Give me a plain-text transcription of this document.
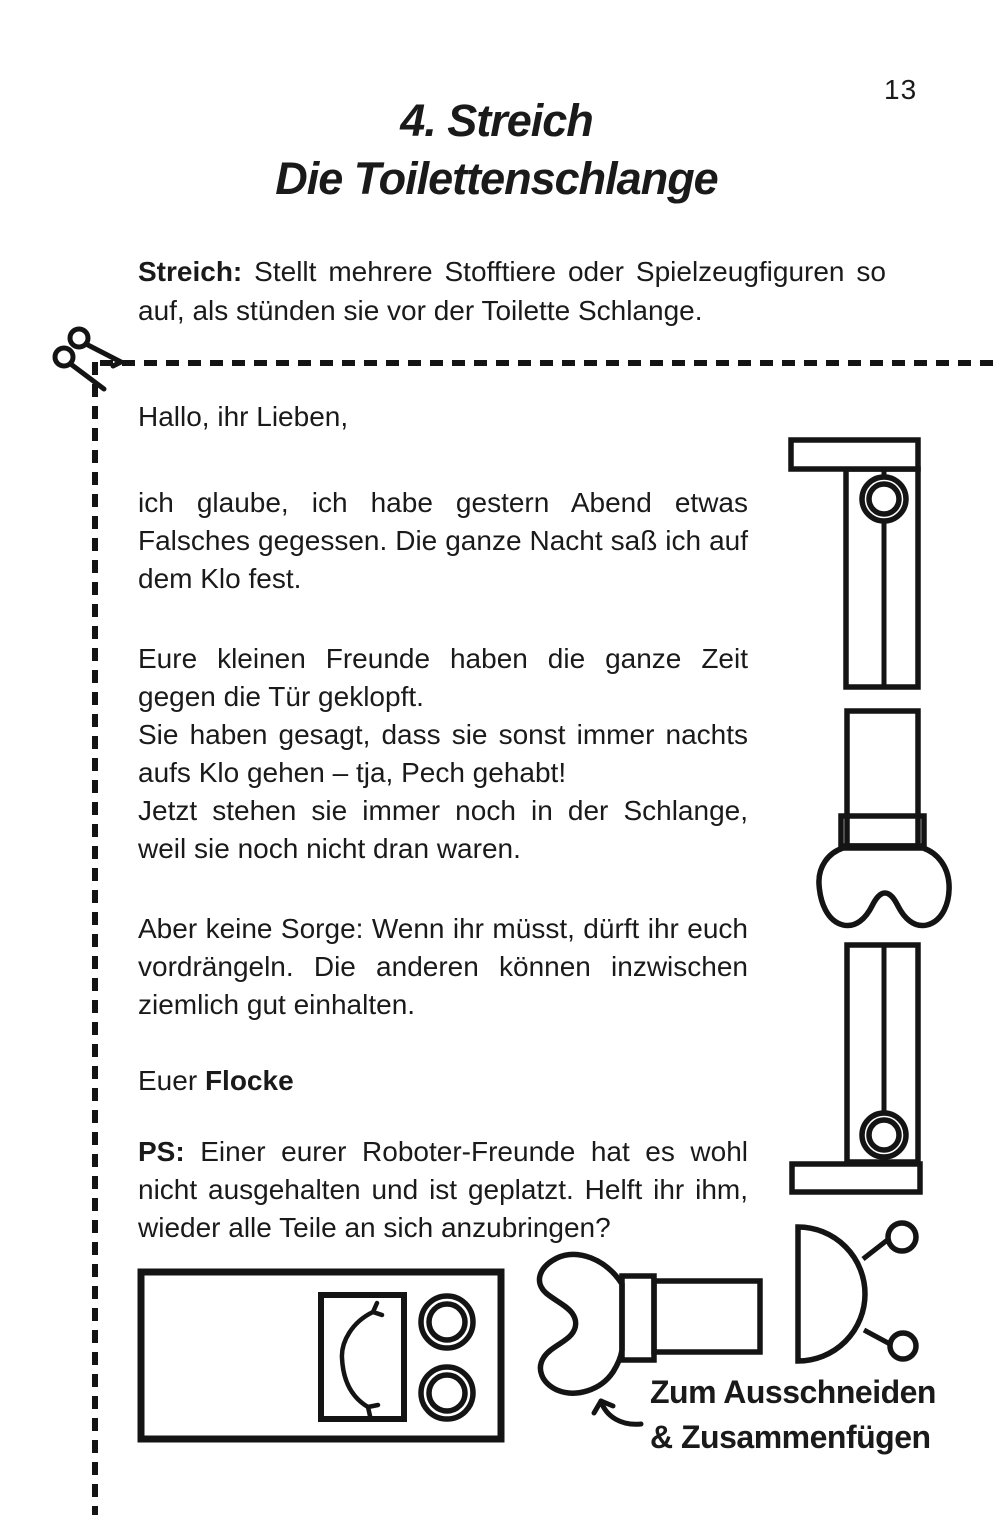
13
4. Streich
Die Toilettenschlange
Streich: Stellt mehrere Stofftiere oder Spielzeugfiguren so
auf, als stünden sie vor der Toilette Schlange.
Hallo, ihr Lieben,
ich glaube, ich habe gestern Abend etwas
Falsches gegessen. Die ganze Nacht saß ich auf
dem Klo fest.
Eure kleinen Freunde haben die ganze Zeit
gegen die Tür geklopft.
Sie haben gesagt, dass sie sonst immer nachts
aufs Klo gehen – tja, Pech gehabt!
Jetzt stehen sie immer noch in der Schlange,
weil sie noch nicht dran waren.
Aber keine Sorge: Wenn ihr müsst, dürft ihr euch
vordrängeln. Die anderen können inzwischen
ziemlich gut einhalten.
Euer Flocke
PS: Einer eurer Roboter-Freunde hat es wohl
nicht ausgehalten und ist geplatzt. Helft ihr ihm,
wieder alle Teile an sich anzubringen?
Zum Ausschneiden
& Zusammenfügen
